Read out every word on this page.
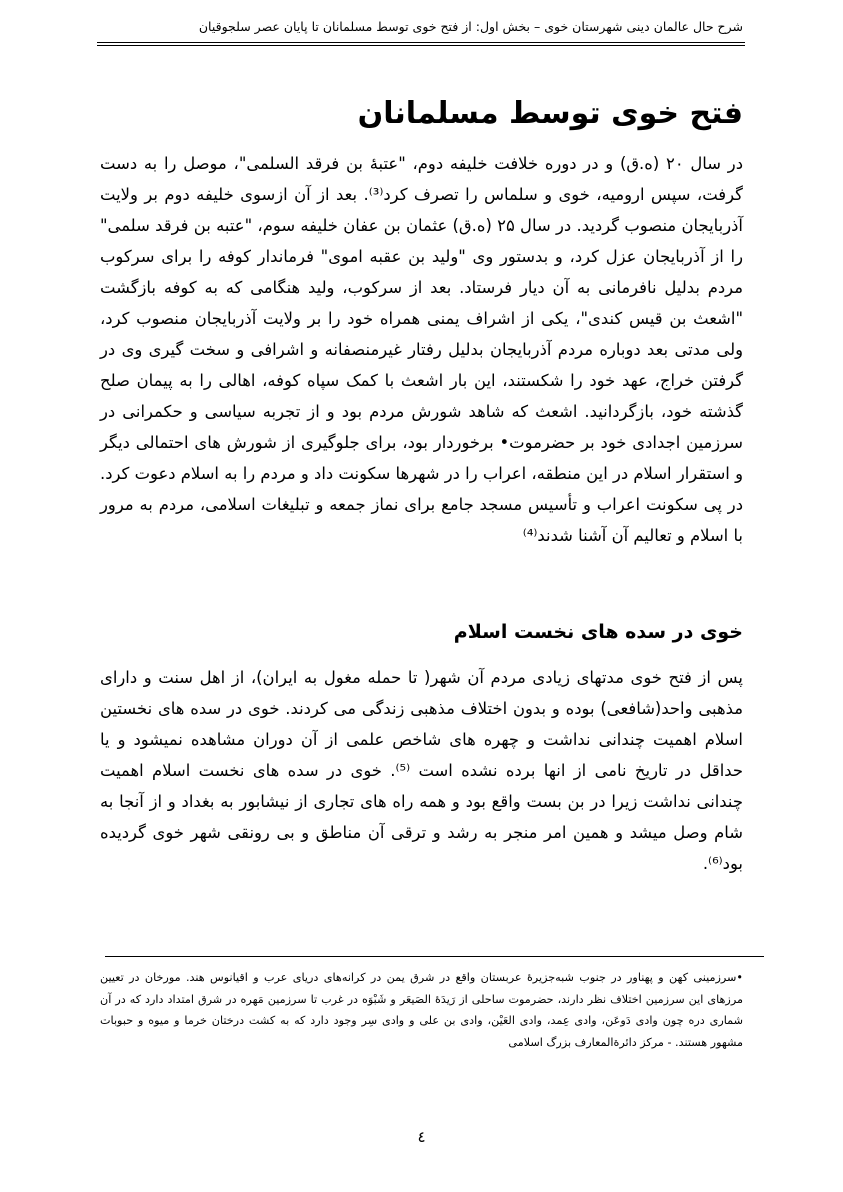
شرح حال عالمان دینی شهرستان خوی – بخش اول: از فتح خوی توسط مسلمانان تا پایان عصر سلجوقیان
فتح خوی توسط مسلمانان

در سال ۲۰ (ه.ق) و در دوره خلافت خلیفه دوم، "عتبهٔ بن فرقد السلمی"، موصل را به دست گرفت، سپس ارومیه، خوی و سلماس را تصرف کرد⁽³⁾. بعد از آن ازسوی خلیفه دوم بر ولایت آذربایجان منصوب گردید. در سال ۲۵ (ه.ق) عثمان بن عفان خلیفه سوم، "عتبه بن فرقد سلمی" را از آذربایجان عزل کرد، و بدستور وی "ولید بن عقبه اموی" فرماندار کوفه را برای سرکوب مردم بدلیل نافرمانی به آن دیار فرستاد. بعد از سرکوب، ولید هنگامی که به کوفه بازگشت "اشعث بن قیس کندی"، یکی از اشراف یمنی همراه خود را بر ولایت آذربایجان منصوب کرد، ولی مدتی بعد دوباره مردم آذربایجان بدلیل رفتار غیرمنصفانه و اشرافی و سخت گیری وی در گرفتن خراج، عهد خود را شکستند، این بار اشعث با کمک سپاه کوفه، اهالی را به پیمان صلح گذشته خود، بازگردانید. اشعث که شاهد شورش مردم بود و از تجربه سیاسی و حکمرانی در سرزمین اجدادی خود بر حضرموت• برخوردار بود، برای جلوگیری از شورش های احتمالی دیگر و استقرار اسلام در این منطقه، اعراب را در شهرها سکونت داد و مردم را به اسلام دعوت کرد. در پی سکونت اعراب و تأسیس مسجد جامع برای نماز جمعه و تبلیغات اسلامی، مردم به مرور با اسلام و تعالیم آن آشنا شدند⁽⁴⁾

خوی در سده های نخست اسلام

پس از فتح خوی مدتهای زیادی مردم آن شهر( تا حمله مغول به ایران)، از اهل سنت و دارای مذهبی واحد(شافعی) بوده و بدون اختلاف مذهبی زندگی می کردند. خوی در سده های نخستین اسلام اهمیت چندانی نداشت و چهره های شاخص علمی از آن دوران مشاهده نمیشود و یا حداقل در تاریخ نامی از انها برده نشده است ⁽⁵⁾. خوی در سده های نخست اسلام اهمیت چندانی نداشت زیرا در بن بست واقع بود و همه راه های تجاری از نیشابور به بغداد و از آنجا به شام وصل میشد و همین امر منجر به رشد و ترقی آن مناطق و بی رونقی شهر خوی گردیده بود⁽⁶⁾.

•سرزمینی کهن و پهناور در جنوب شبه‌جزیرهٔ عربستان واقع در شرق یمن در کرانه‌های دریای عرب و اقیانوس هند. مورخان در تعیین مرزهای این سرزمین اختلاف نظر دارند، حضرموت ساحلی از رَیدَهٔ الصَیعَر و شَبْوَه در غرب تا سرزمین مَهره در شرق امتداد دارد که در آن شماری دره چون وادی دَوعَن، وادی عِمد، وادی العَیْن، وادی بن علی و وادی سِر وجود دارد که به کشت درختان خرما و میوه و حبوبات مشهور هستند. - مرکز دائرةالمعارف بزرگ اسلامی

٤
